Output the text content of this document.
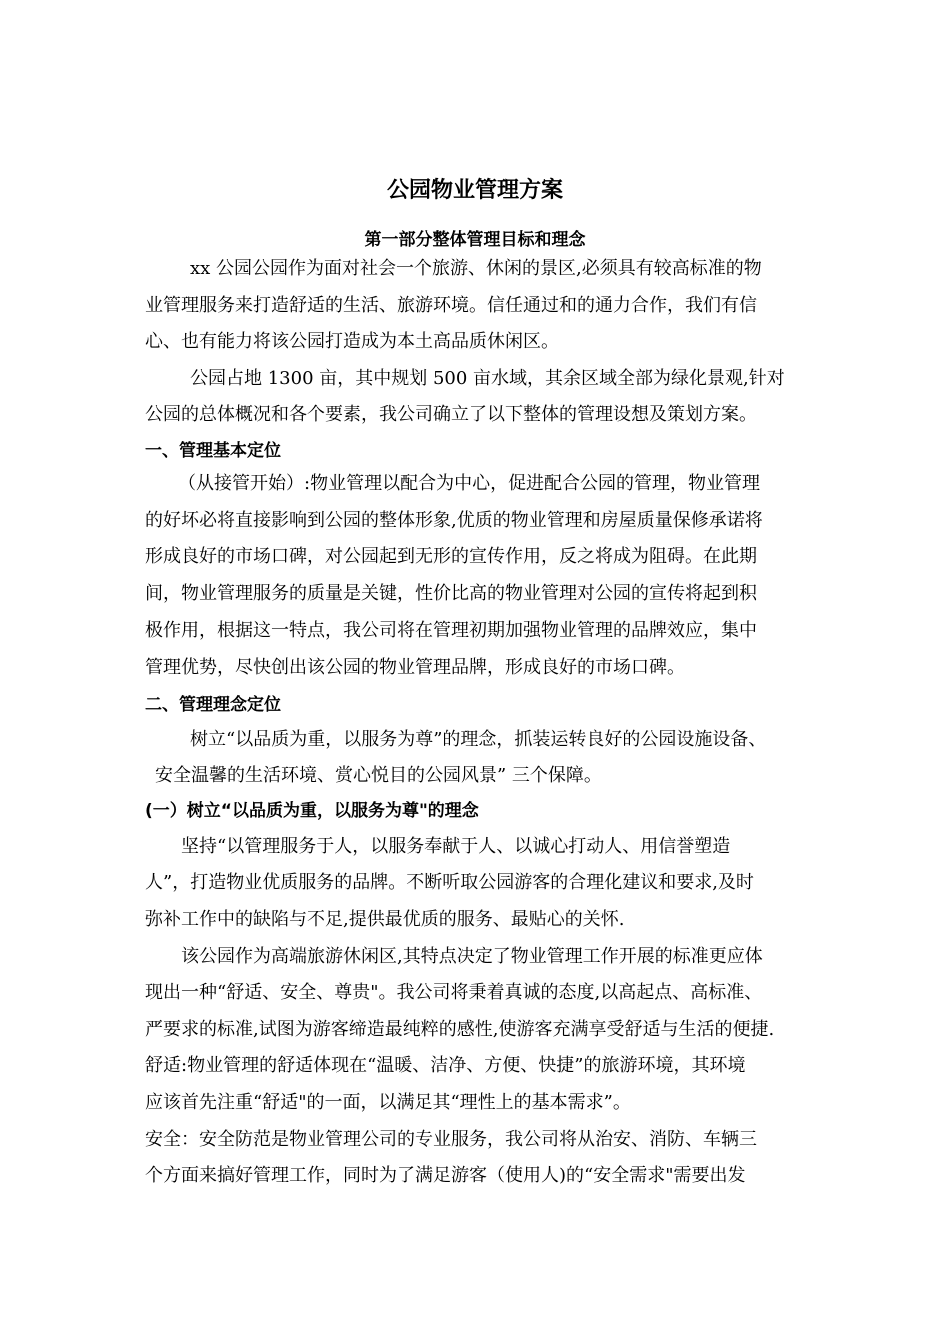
公园物业管理方案
第一部分整体管理目标和理念
xx 公园公园作为面对社会一个旅游、休闲的景区,必须具有较高标准的物
业管理服务来打造舒适的生活、旅游环境。信任通过和的通力合作，我们有信
心、也有能力将该公园打造成为本土高品质休闲区。
公园占地 1300 亩，其中规划 500 亩水域，其余区域全部为绿化景观,针对
公园的总体概况和各个要素，我公司确立了以下整体的管理设想及策划方案。
一、管理基本定位
（从接管开始）:物业管理以配合为中心，促进配合公园的管理，物业管理
的好坏必将直接影响到公园的整体形象,优质的物业管理和房屋质量保修承诺将
形成良好的市场口碑，对公园起到无形的宣传作用，反之将成为阻碍。在此期
间，物业管理服务的质量是关键，性价比高的物业管理对公园的宣传将起到积
极作用，根据这一特点，我公司将在管理初期加强物业管理的品牌效应，集中
管理优势，尽快创出该公园的物业管理品牌，形成良好的市场口碑。
二、管理理念定位
树立“以品质为重，以服务为尊”的理念，抓装运转良好的公园设施设备、
安全温馨的生活环境、赏心悦目的公园风景” 三个保障。
(一）树立“以品质为重，以服务为尊"的理念
坚持“以管理服务于人，以服务奉献于人、以诚心打动人、用信誉塑造
人”，打造物业优质服务的品牌。不断听取公园游客的合理化建议和要求,及时
弥补工作中的缺陷与不足,提供最优质的服务、最贴心的关怀.
该公园作为高端旅游休闲区,其特点决定了物业管理工作开展的标准更应体
现出一种“舒适、安全、尊贵"。我公司将秉着真诚的态度,以高起点、高标准、
严要求的标准,试图为游客缔造最纯粹的感性,使游客充满享受舒适与生活的便捷.
舒适:物业管理的舒适体现在“温暖、洁净、方便、快捷”的旅游环境，其环境
应该首先注重“舒适"的一面，以满足其“理性上的基本需求”。
安全：安全防范是物业管理公司的专业服务，我公司将从治安、消防、车辆三
个方面来搞好管理工作，同时为了满足游客（使用人)的“安全需求"需要出发
